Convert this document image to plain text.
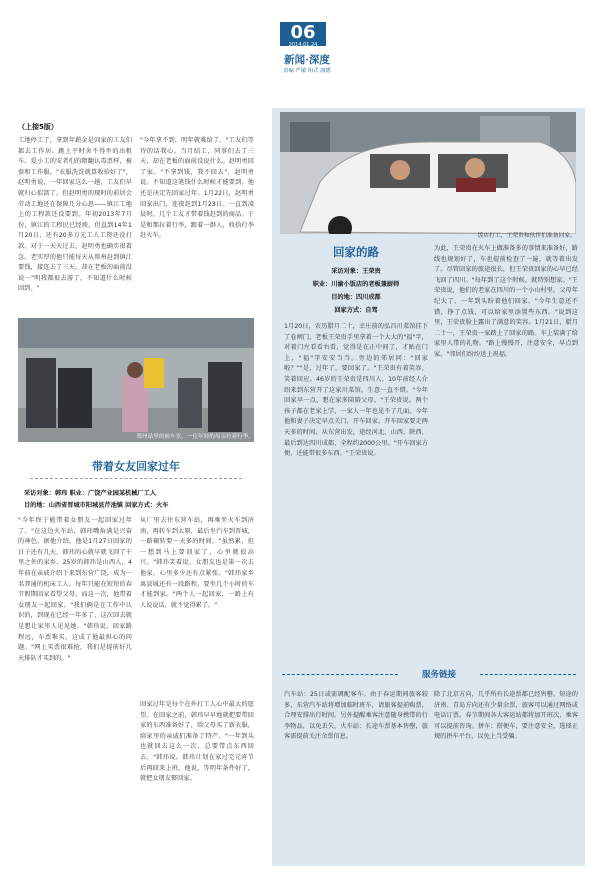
06
2014.01.24
新闻·深度
责编 严敏 组式 康德
（上接5版）
工地停工了，拿到年薪金是回家的工友们都去工作居。跳上平时舍不得坐的出租车。爱小工的安者们的隋翻认毒票样，被套和工作服。"衣服洗洗就算收拾好了"，赵明勇说，一年回家这么一趟，工友们早就归心似箭了。但赵明勇的现时的前居会劳动工地还在保障几分心思——镇江工地上的工程款还没要到。年初2013年7月份，镇江的工程民已经竣，但直到14年1月20日，还有20多万元工人工资还没打款。对于一天天过去，赵明勇也确实很着急。老实厚的他只能每天从郑州赶到镇江要钱，接连去了三天，却在老板的面前没说一"明我都很去游了，不知道什么时候回到。"
"今年拿不到，明年就难给了。"工友们等待的话我心。当月结工，同事们去了三天，却在老板的面前没说什么。赵明勇回了家。"不拿到钱，我不回去"，赵明勇说。不知道这笔钱什么时候才能要到，他还是决定先回家过年。1月22日，赵明勇回家出门，连夜赶到1月23日。一直到凌晨时，几个工友才带着钱赶到的商品。于是和那拉着行李，跟着一群人，收拾行李赶火车。
郑州站里的候车室，一位年轻的母亲拉着行李。
带着女友回家过年
采访对象：韩玮 职业：广饶产业园某机械厂工人
目的地：山西省晋城市阳城县芹池镇 回家方式：火车
"今年终于能带着女朋友一起回家过年了。"在这边火车站，韩玮嘴角满是兴奋的神色。据他介绍，他是1月27日回家的日子还有几天，韩玮的心就早就飞回了千里之外的家乡。25岁的韩玮是山西人，4年前在亲戚介绍下来到东营广饶，成为一名普通的机床工人。每年只能在短短的春节假期回家看望父母，而这一次，他带着女朋友一起回家。"我们俩是在工作中认识的，到现在已经一年多了，这次回去就是想让家里人见见她。"韩玮说。回家路程远，车票难买，这成了他最担心的问题。"网上买票很难抢，我们是提前好几天排队才买到的。"
从厂里去往东营车站，再乘坐火车到济南，再转车到太原，最后坐汽车到晋城，一路辗转要一天多的时间。"虽然累，但一想到马上要回家了，心里就很高兴。"韩玮笑着说，女朋友也是第一次去他家，心里多少还有点紧张。"韩玮家乡离县城还有一段路程，要坐几个小时的车才能到家。"两个人一起回家，一路上有人说说话，就不觉得累了。"
回家过年是每个在外打工人心中最大的愿望。在回家之前，韩玮早早地就把要带回家的东西准备好了，给父母买了新衣服，给家里的亲戚们准备了特产。"一年到头也就回去这么一次，总要带点东西回去。"韩玮说。韩玮计划在家过完元宵节后再回来上班，他说，等明年条件好了，就把女朋友娶回家。
饭店打工，王荣贵和伙伴们准备回家。
回家的路
采访对象：王荣贵
职业：川渝小饭店的老板兼厨师
目的地：四川成都
回家方式：自驾
1月20日，农历腊月二十，幸庄前的弘昌川菜馆挂下了卷闸门，老板王荣贵手里拿着一个大大的"福"字，对着门左看看右看，觉得是在正中间了，才贴在门上，"福"字安安当当。旁边的邻居问："回家啦？""是，过年了，要回家了。"王荣贵有着笑容，笑着回应。46岁的王荣贵是四川人，10年前经人介绍来到东营开了这家川菜馆，生意一直不错。"今年回家早一点，想在家多陪陪父母。"王荣贵说，两个孩子都在老家上学，一家人一年也见不了几面。今年他和妻子决定早点关门，开车回家。开车回家要走两天多的时间，从东营出发，途经河北、山西、陕西，最后到达四川成都，全程约2000公里。"开车回家方便，还能带很多东西。"王荣贵说。
为此，王荣贵在火车上做准备多的事情来准备好，路线也规划好了，车也提前检查了一遍，就等着出发了。尽管回家的旅途很长，但王荣贵回家的心早已经飞回了四川。"每年到了这个时候，就特别想家。"王荣贵说，他们的老家在四川的一个小山村里，父母年纪大了，一年到头盼着他们回家。"今年生意还不错，挣了点钱，可以给家里添置些东西。"说到这里，王荣贵脸上露出了满意的笑容。1月21日，腊月二十一，王荣贵一家踏上了回家的路。车上装满了给家里人带的礼物。"路上慢慢开，注意安全，早点到家。"邻居们纷纷送上祝福。
服务链接
汽车站：25日或需调配客车。由于春运期间旅客较多，东营汽车站将增加临时班车，请旅客提前购票，合理安排出行时间。另外提醒乘客注意随身携带的行李物品，以免丢失。火车站：长途车票基本售罄，旅客需提前关注余票信息。
除了北京方向，几乎所有长途票都已经售罄。短途的济南、青岛方向还有少量余票，旅客可以通过网络或电话订票。春节期间各大客运站都将加开班次，乘客可以提前咨询。拼车：搭便车，要注意安全，选择正规的拼车平台，以免上当受骗。
